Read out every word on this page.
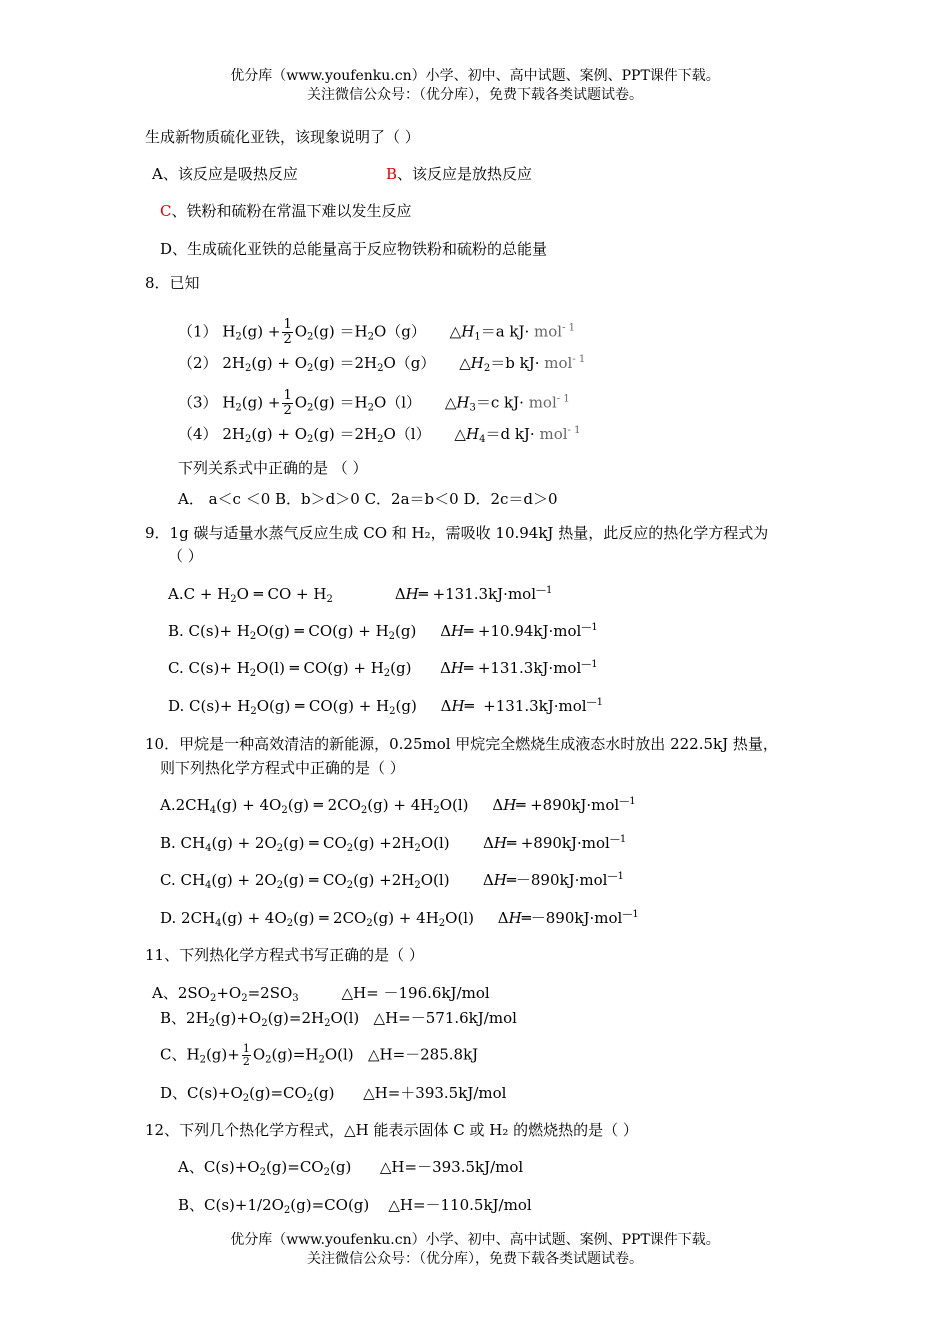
优分库（www.youfenku.cn）小学、初中、高中试题、案例、PPT课件下载。
关注微信公众号：（优分库），免费下载各类试题试卷。
生成新物质硫化亚铁，该现象说明了（ ）
A、该反应是吸热反应	B、该反应是放热反应
C、铁粉和硫粉在常温下难以发生反应
D、生成硫化亚铁的总能量高于反应物铁粉和硫粉的总能量
8．已知
（1） $H_2(g) + \frac{1}{2} O_2(g) =H_2O(g)$     $\triangle H_1=a$ kJ· mol$^{- 1}$
（2） $2H_2(g) + O_2(g) =2H_2O(g)$     $\triangle H_2=b$ kJ· mol$^{- 1}$
（3） $H_2(g) + \frac{1}{2} O_2(g) =H_2O(l)$     $\triangle H_3=c$ kJ· mol$^{- 1}$
（4） $2H_2(g) + O_2(g) =2H_2O(l)$     $\triangle H_4=d$ kJ· mol$^{- 1}$
下列关系式中正确的是 （ ）
A． a＜c ＜0 B．b＞d＞0 C．2a＝b＜0 D．2c＝d＞0
9．1g 碳与适量水蒸气反应生成 CO 和 H₂，需吸收 10.94kJ 热量，此反应的热化学方程式为
（ ）
$A.C + H_2O$ ═ CO + $H_2$             ΔH═ +131.3kJ·mol$^{—1}$
B. $C(s)+ H_2O(g)$ ═ $CO(g) + H_2(g)$     ΔH═ +10.94kJ·mol$^{—1}$
C. $C(s)+ H_2O(l)$ ═ $CO(g) + H_2(g)$      ΔH═ +131.3kJ·mol$^{—1}$
D. $C(s)+ H_2O(g)$ ═ $CO(g) + H_2(g)$     ΔH═  +131.3kJ·mol$^{—1}$
10．甲烷是一种高效清洁的新能源，0.25mol 甲烷完全燃烧生成液态水时放出 222.5kJ 热量，
则下列热化学方程式中正确的是（ ）
$A.2CH_4(g) + 4O_2(g)$ ═ $2CO_2(g) + 4H_2O(l)$     ΔH═ +890kJ·mol$^{—1}$
B. $CH_4(g) + 2O_2(g)$ ═ $CO_2(g) +2H_2O(l)$       ΔH═ +890kJ·mol$^{—1}$
C. $CH_4(g) + 2O_2(g)$ ═ $CO_2(g) +2H_2O(l)$       ΔH═－890kJ·mol$^{—1}$
D. $2CH_4(g) + 4O_2(g)$ ═ $2CO_2(g) + 4H_2O(l)$     ΔH═－890kJ·mol$^{—1}$
11、下列热化学方程式书写正确的是（ ）
A、$2SO_2+O_2=2SO_3$         △H= －196.6kJ/mol
B、$2H_2(g)+O_2(g)=2H_2O(l)$   △H=－571.6kJ/mol
C、$H_2(g)+ \frac{1}{2} O_2(g)=H_2O(l)$   △H=－285.8kJ
D、$C(s)+O_2(g)=CO_2(g)$      △H=＋393.5kJ/mol
12、下列几个热化学方程式，△H 能表示固体 C 或 H₂ 的燃烧热的是（ ）
A、$C(s)+O_2(g)=CO_2(g)$      △H=－393.5kJ/mol
B、$C(s)+1/2O_2(g)=CO(g)$    △H=－110.5kJ/mol
优分库（www.youfenku.cn）小学、初中、高中试题、案例、PPT课件下载。
关注微信公众号：（优分库），免费下载各类试题试卷。
